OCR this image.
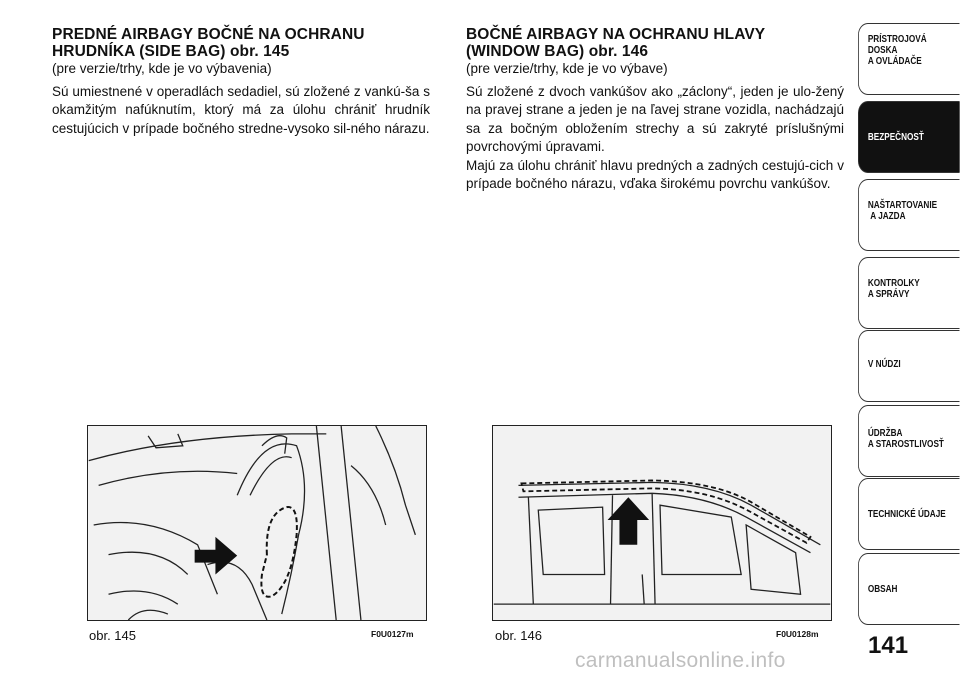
PREDNÉ AIRBAGY BOČNÉ NA OCHRANU
HRUDNÍKA (SIDE BAG) obr. 145

(pre verzie/trhy, kde je vo výbavenia)

Sú umiestnené v operadlách sedadiel, sú zložené z vankú-ša s okamžitým nafúknutím, ktorý má za úlohu chrániť hrudník cestujúcich v prípade bočného stredne-vysoko sil-ného nárazu.

BOČNÉ AIRBAGY NA OCHRANU HLAVY
(WINDOW BAG) obr. 146

(pre verzie/trhy, kde je vo výbave)

Sú zložené z dvoch vankúšov ako „záclony“, jeden je ulo-žený na pravej strane a jeden je na ľavej strane vozidla, nachádzajú sa za bočným obložením strechy a sú zakryté príslušnými povrchovými úpravami.

Majú za úlohu chrániť hlavu predných a zadných cestujú-cich v prípade bočného nárazu, vďaka širokému povrchu vankúšov.

obr. 145	F0U0127m	obr. 146	F0U0128m
PRÍSTROJOVÁ
DOSKA
A OVLÁDAČE
BEZPEČNOSŤ
NAŠTARTOVANIE
A JAZDA
KONTROLKY
A SPRÁVY
V NÚDZI
ÚDRŽBA
A STAROSTLIVOSŤ
TECHNICKÉ ÚDAJE
OBSAH
141
carmanualsonline.info
